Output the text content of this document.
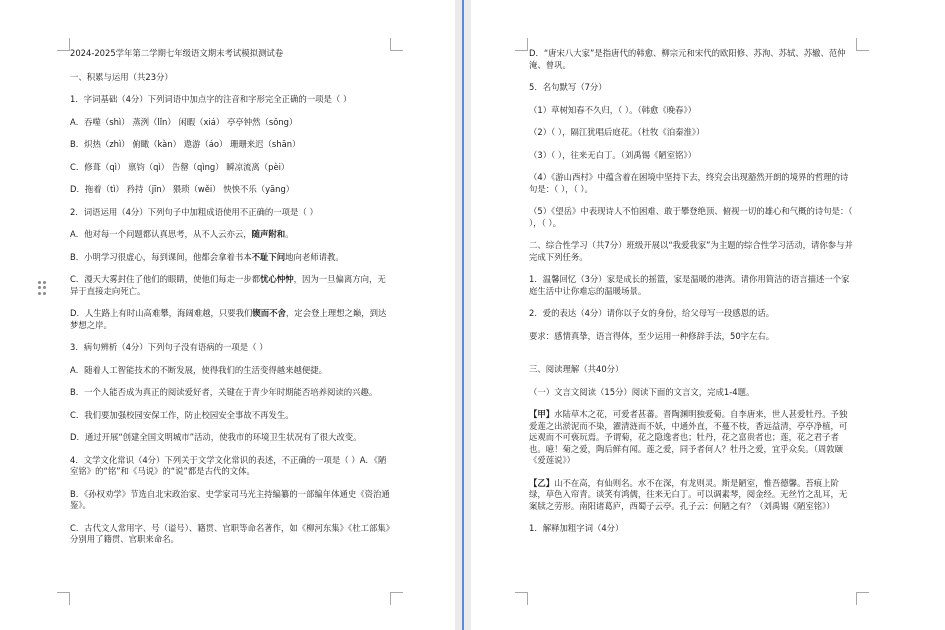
2024-2025学年第二学期七年级语文期末考试模拟测试卷

一、积累与运用（共23分）

1．字词基础（4分）下列词语中加点字的注音和字形完全正确的一项是（ ）

A．吞噬（shì） 蒸洌（lǐn） 闲暇（xiá） 亭亭钟然（sǒng）

B．炽热（zhì） 俯瞰（kàn） 遨游（áo） 珊珊来迟（shān）

C．修葺（qì） 禀钧（qì） 告罄（qìng） 瞬凉流离（pèi）

D．拖着（tì） 矜持（jīn） 猥琐（wěi） 怏怏不乐（yāng）

2．词语运用（4分）下列句子中加粗成语使用不正确的一项是（ ）

A．他对每一个问题都认真思考，从不人云亦云，随声附和。

B．小明学习很虚心，每到课间，他都会拿着书本不耻下问地向老师请教。

C．漫天大雾封住了他们的眼睛，使他们每走一步都忧心忡忡，因为一旦偏离方向，无异于直接走向死亡。

D．人生路上有时山高难攀，海阔难越，只要我们锲而不舍，定会登上理想之巅，到达梦想之岸。

3．病句辨析（4分）下列句子没有语病的一项是（ ）

A．随着人工智能技术的不断发展，使得我们的生活变得越来越便捷。

B．一个人能否成为真正的阅读爱好者，关键在于青少年时期能否培养阅读的兴趣。

C．我们要加强校园安保工作，防止校园安全事故不再发生。

D．通过开展“创建全国文明城市”活动，使我市的环境卫生状况有了很大改变。

4．文学文化常识（4分）下列关于文学文化常识的表述，不正确的一项是（ ）A．《陋室铭》的“铭”和《马说》的“说”都是古代的文体。

B．《孙权劝学》节选自北宋政治家、史学家司马光主持编纂的一部编年体通史《资治通鉴》。

C．古代文人常用字、号（谥号）、籍贯、官职等命名著作，如《柳河东集》《杜工部集》分别用了籍贯、官职来命名。

D．“唐宋八大家”是指唐代的韩愈、柳宗元和宋代的欧阳修、苏洵、苏轼、苏辙、范仲淹、曾巩。

5．名句默写（7分）

（1）草树知春不久归，（ ）。（韩愈《晚春》）

（2）（ ），隔江犹唱后庭花。（杜牧《泊秦淮》）

（3）（ ），往来无白丁。（刘禹锡《陋室铭》）

（4）《游山西村》中蕴含着在困境中坚持下去，终究会出现豁然开朗的境界的哲理的诗句是：（ ），（ ）。

（5）《望岳》中表现诗人不怕困难、敢于攀登绝顶、俯视一切的雄心和气概的诗句是：（ ），（ ）。

二、综合性学习（共7分）班级开展以“我爱我家”为主题的综合性学习活动，请你参与并完成下列任务。

1．温馨回忆（3分）家是成长的摇篮，家是温暖的港湾。请你用简洁的语言描述一个家庭生活中让你难忘的温暖场景。

2．爱的表达（4分）请你以子女的身份，给父母写一段感恩的话。

要求：感情真挚，语言得体，至少运用一种修辞手法，50字左右。

三、阅读理解（共40分）

（一）文言文阅读（15分）阅读下面的文言文，完成1-4题。

【甲】水陆草木之花，可爱者甚蕃。晋陶渊明独爱菊。自李唐来，世人甚爱牡丹。予独爱莲之出淤泥而不染，濯清涟而不妖，中通外直，不蔓不枝，香远益清，亭亭净植，可远观而不可亵玩焉。予谓菊，花之隐逸者也；牡丹，花之富贵者也；莲，花之君子者也。噫！菊之爱，陶后鲜有闻。莲之爱，同予者何人？牡丹之爱，宜乎众矣。（周敦颐《爱莲说》）

【乙】山不在高，有仙则名。水不在深，有龙则灵。斯是陋室，惟吾德馨。苔痕上阶绿，草色入帘青。谈笑有鸿儒，往来无白丁。可以调素琴，阅金经。无丝竹之乱耳，无案牍之劳形。南阳诸葛庐，西蜀子云亭。孔子云：何陋之有？（刘禹锡《陋室铭》）

1．解释加粗字词（4分）
